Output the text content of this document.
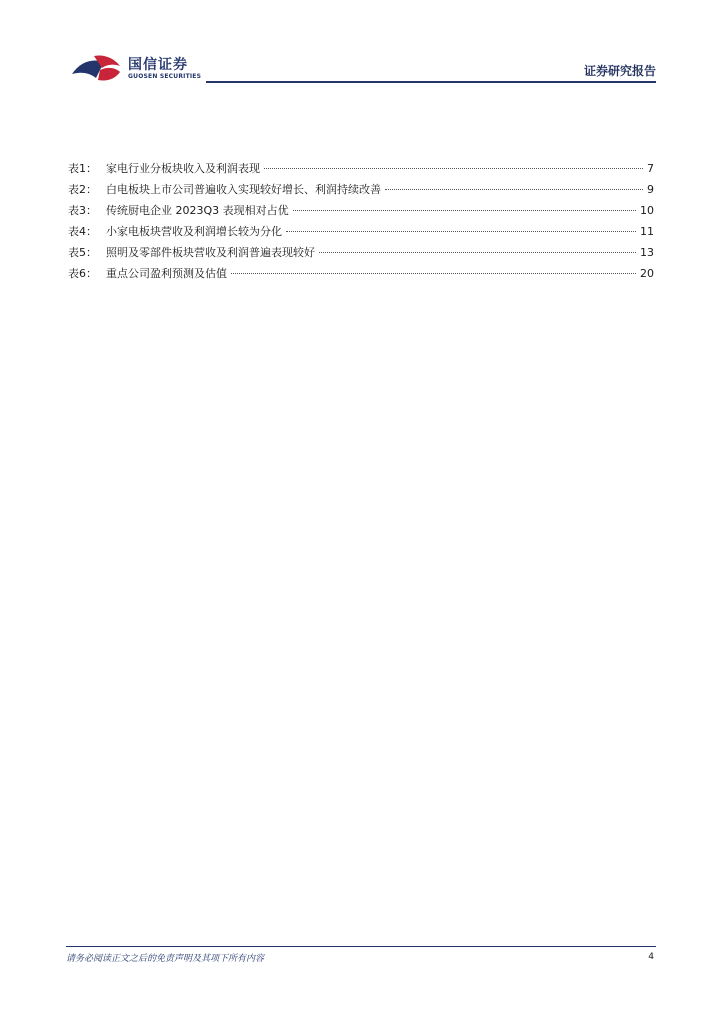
国信证券
GUOSEN SECURITIES	证券研究报告
表1： 家电行业分板块收入及利润表现	7
表2： 白电板块上市公司普遍收入实现较好增长、利润持续改善	9
表3： 传统厨电企业 2023Q3 表现相对占优	10
表4： 小家电板块营收及利润增长较为分化	11
表5： 照明及零部件板块营收及利润普遍表现较好	13
表6： 重点公司盈利预测及估值	20
请务必阅读正文之后的免责声明及其项下所有内容	4
